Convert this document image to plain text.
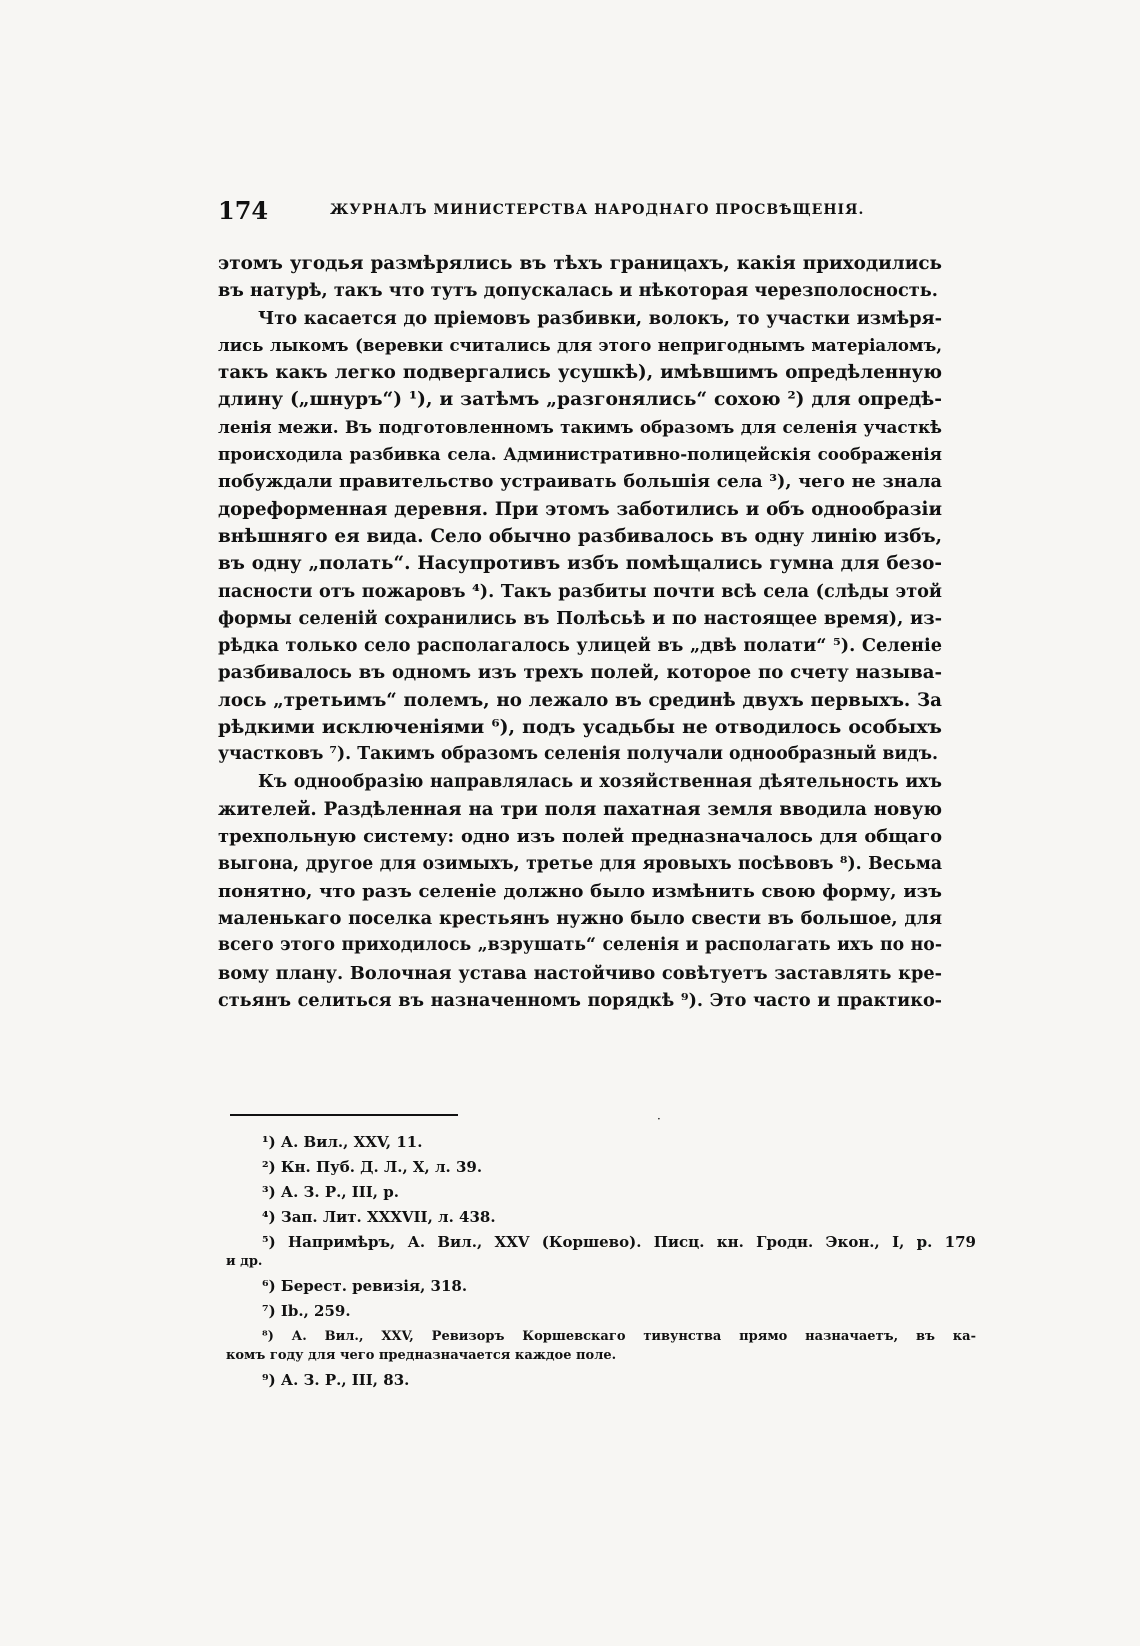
174	ЖУРНАЛЪ МИНИСТЕРСТВА НАРОДНАГО ПРОСВѢЩЕНІЯ.
этомъ угодья размѣрялись въ тѣхъ границахъ, какія приходились
въ натурѣ, такъ что тутъ допускалась и нѣкоторая черезполосность.
Что касается до пріемовъ разбивки, волокъ, то участки измѣря-
лись лыкомъ (веревки считались для этого непригоднымъ матеріаломъ,
такъ какъ легко подвергались усушкѣ), имѣвшимъ опредѣленную
длину („шнуръ“) ¹), и затѣмъ „разгонялись“ сохою ²) для опредѣ-
ленія межи. Въ подготовленномъ такимъ образомъ для селенія участкѣ
происходила разбивка села. Административно-полицейскія соображенія
побуждали правительство устраивать большія села ³), чего не знала
дореформенная деревня. При этомъ заботились и объ однообразіи
внѣшняго ея вида. Село обычно разбивалось въ одну линію избъ,
въ одну „полать“. Насупротивъ избъ помѣщались гумна для безо-
пасности отъ пожаровъ ⁴). Такъ разбиты почти всѣ села (слѣды этой
формы селеній сохранились въ Полѣсьѣ и по настоящее время), из-
рѣдка только село располагалось улицей въ „двѣ полати“ ⁵). Селеніе
разбивалось въ одномъ изъ трехъ полей, которое по счету называ-
лось „третьимъ“ полемъ, но лежало въ срединѣ двухъ первыхъ. За
рѣдкими исключеніями ⁶), подъ усадьбы не отводилось особыхъ
участковъ ⁷). Такимъ образомъ селенія получали однообразный видъ.
Къ однообразію направлялась и хозяйственная дѣятельность ихъ
жителей. Раздѣленная на три поля пахатная земля вводила новую
трехпольную систему: одно изъ полей предназначалось для общаго
выгона, другое для озимыхъ, третье для яровыхъ посѣвовъ ⁸). Весьма
понятно, что разъ селеніе должно было измѣнить свою форму, изъ
маленькаго поселка крестьянъ нужно было свести въ большое, для
всего этого приходилось „взрушать“ селенія и располагать ихъ по но-
вому плану. Волочная устава настойчиво совѣтуетъ заставлять кре-
стьянъ селиться въ назначенномъ порядкѣ ⁹). Это часто и практико-
·
¹) А. Вил., XXV, 11.
²) Кн. Пуб. Д. Л., X, л. 39.
³) А. З. Р., III, р.
⁴) Зап. Лит. XXXVII, л. 438.
⁵) Напримѣръ, А. Вил., XXV (Коршево). Писц. кн. Гродн. Экон., I, р. 179
и др.
⁶) Берест. ревизія, 318.
⁷) Ib., 259.
⁸) А. Вил., XXV, Ревизоръ Коршевскаго тивунства прямо назначаетъ, въ ка-
комъ году для чего предназначается каждое поле.
⁹) А. З. Р., III, 83.
